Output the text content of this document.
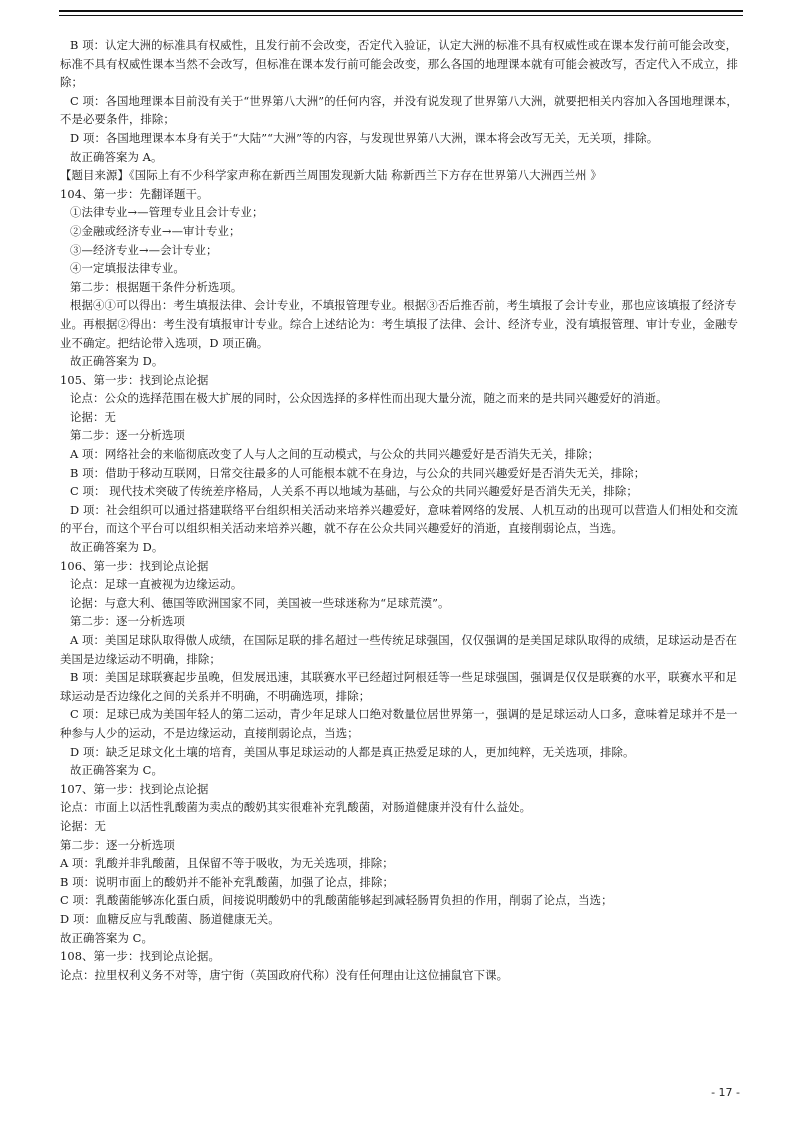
B 项：认定大洲的标准具有权威性，且发行前不会改变，否定代入验证，认定大洲的标准不具有权威性或在课本发行前可能会改变，标准不具有权威性课本当然不会改写，但标准在课本发行前可能会改变，那么各国的地理课本就有可能会被改写，否定代入不成立，排除；

C 项：各国地理课本目前没有关于“世界第八大洲”的任何内容，并没有说发现了世界第八大洲，就要把相关内容加入各国地理课本，不是必要条件，排除；

D 项：各国地理课本本身有关于“大陆”“大洲”等的内容，与发现世界第八大洲，课本将会改写无关，无关项，排除。

故正确答案为 A。

【题目来源】《国际上有不少科学家声称在新西兰周围发现新大陆 称新西兰下方存在世界第八大洲西兰州 》

104、第一步：先翻译题干。

①法律专业→—管理专业且会计专业；

②金融或经济专业→—审计专业；

③—经济专业→—会计专业；

④一定填报法律专业。

第二步：根据题干条件分析选项。

根据④①可以得出：考生填报法律、会计专业，不填报管理专业。根据③否后推否前，考生填报了会计专业，那也应该填报了经济专业。再根据②得出：考生没有填报审计专业。综合上述结论为：考生填报了法律、会计、经济专业，没有填报管理、审计专业，金融专业不确定。把结论带入选项，D 项正确。

故正确答案为 D。

105、第一步：找到论点论据

论点：公众的选择范围在极大扩展的同时，公众因选择的多样性而出现大量分流，随之而来的是共同兴趣爱好的消逝。

论据：无

第二步：逐一分析选项

A 项：网络社会的来临彻底改变了人与人之间的互动模式，与公众的共同兴趣爱好是否消失无关，排除；

B 项：借助于移动互联网，日常交往最多的人可能根本就不在身边，与公众的共同兴趣爱好是否消失无关，排除；

C 项： 现代技术突破了传统差序格局，人关系不再以地域为基础，与公众的共同兴趣爱好是否消失无关，排除；

D 项：社会组织可以通过搭建联络平台组织相关活动来培养兴趣爱好，意味着网络的发展、人机互动的出现可以营造人们相处和交流的平台，而这个平台可以组织相关活动来培养兴趣，就不存在公众共同兴趣爱好的消逝，直接削弱论点，当选。

故正确答案为 D。

106、第一步：找到论点论据

论点：足球一直被视为边缘运动。

论据：与意大利、德国等欧洲国家不同，美国被一些球迷称为“足球荒漠”。

第二步：逐一分析选项

A 项：美国足球队取得傲人成绩，在国际足联的排名超过一些传统足球强国，仅仅强调的是美国足球队取得的成绩，足球运动是否在美国是边缘运动不明确，排除；

B 项：美国足球联赛起步虽晚，但发展迅速，其联赛水平已经超过阿根廷等一些足球强国，强调是仅仅是联赛的水平，联赛水平和足球运动是否边缘化之间的关系并不明确，不明确选项，排除；

C 项：足球已成为美国年轻人的第二运动，青少年足球人口绝对数量位居世界第一，强调的是足球运动人口多，意味着足球并不是一种参与人少的运动，不是边缘运动，直接削弱论点，当选；

D 项：缺乏足球文化土壤的培育，美国从事足球运动的人都是真正热爱足球的人，更加纯粹，无关选项，排除。

故正确答案为 C。

107、第一步：找到论点论据

论点：市面上以活性乳酸菌为卖点的酸奶其实很难补充乳酸菌，对肠道健康并没有什么益处。

论据：无

第二步：逐一分析选项

A 项：乳酸并非乳酸菌，且保留不等于吸收，为无关选项，排除；

B 项：说明市面上的酸奶并不能补充乳酸菌，加强了论点，排除；

C 项：乳酸菌能够冻化蛋白质，间接说明酸奶中的乳酸菌能够起到减轻肠胃负担的作用，削弱了论点，当选；

D 项：血糖反应与乳酸菌、肠道健康无关。

故正确答案为 C。

108、第一步：找到论点论据。

论点：拉里权利义务不对等，唐宁街（英国政府代称）没有任何理由让这位捕鼠官下课。

- 17 -
